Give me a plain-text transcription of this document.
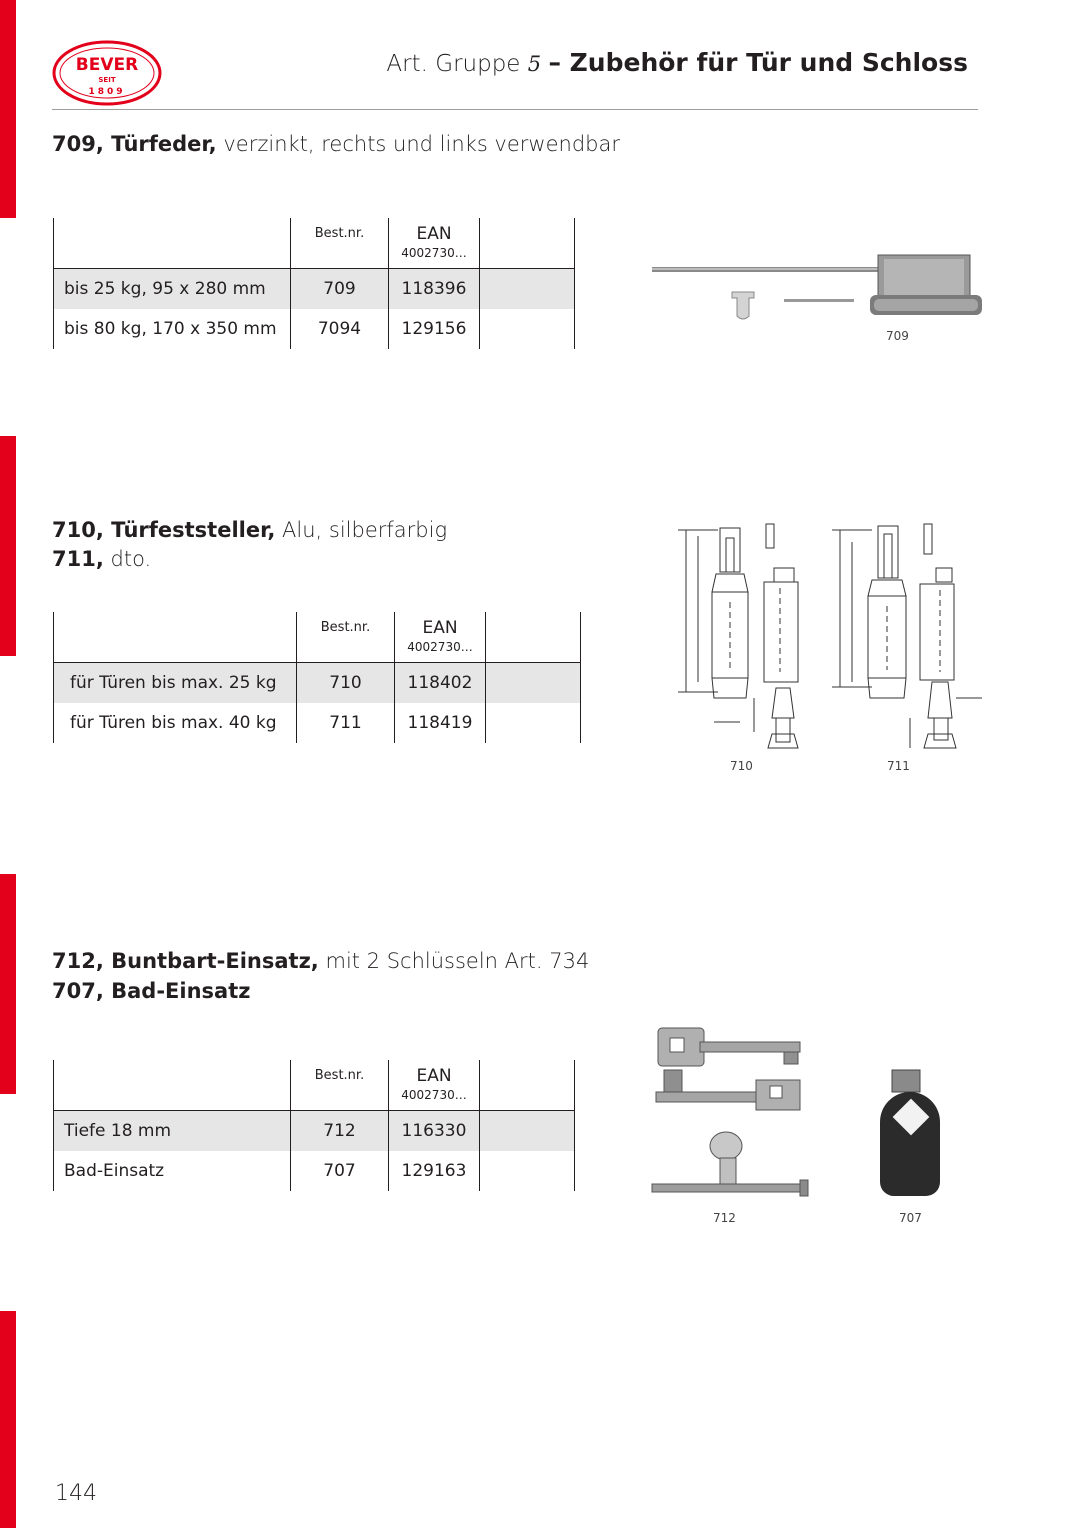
BEVER
SEIT
1809
Art. Gruppe 5 – Zubehör für Tür und Schloss
709, Türfeder, verzinkt, rechts und links verwendbar

	Best.nr.	EAN
4002730…	

bis 25 kg, 95 x 280 mm	709	118396	
bis 80 kg, 170 x 350 mm	7094	129156		709
710, Türfeststeller, Alu, silberfarbig
711, dto.

	Best.nr.	EAN
4002730…	

für Türen bis max. 25 kg	710	118402	
für Türen bis max. 40 kg	711	118419	
710	711
712, Buntbart-Einsatz, mit 2 Schlüsseln Art. 734
707, Bad-Einsatz

	Best.nr.	EAN
4002730…	

Tiefe 18 mm	712	116330	
Bad-Einsatz	707	129163	
712	707
144
